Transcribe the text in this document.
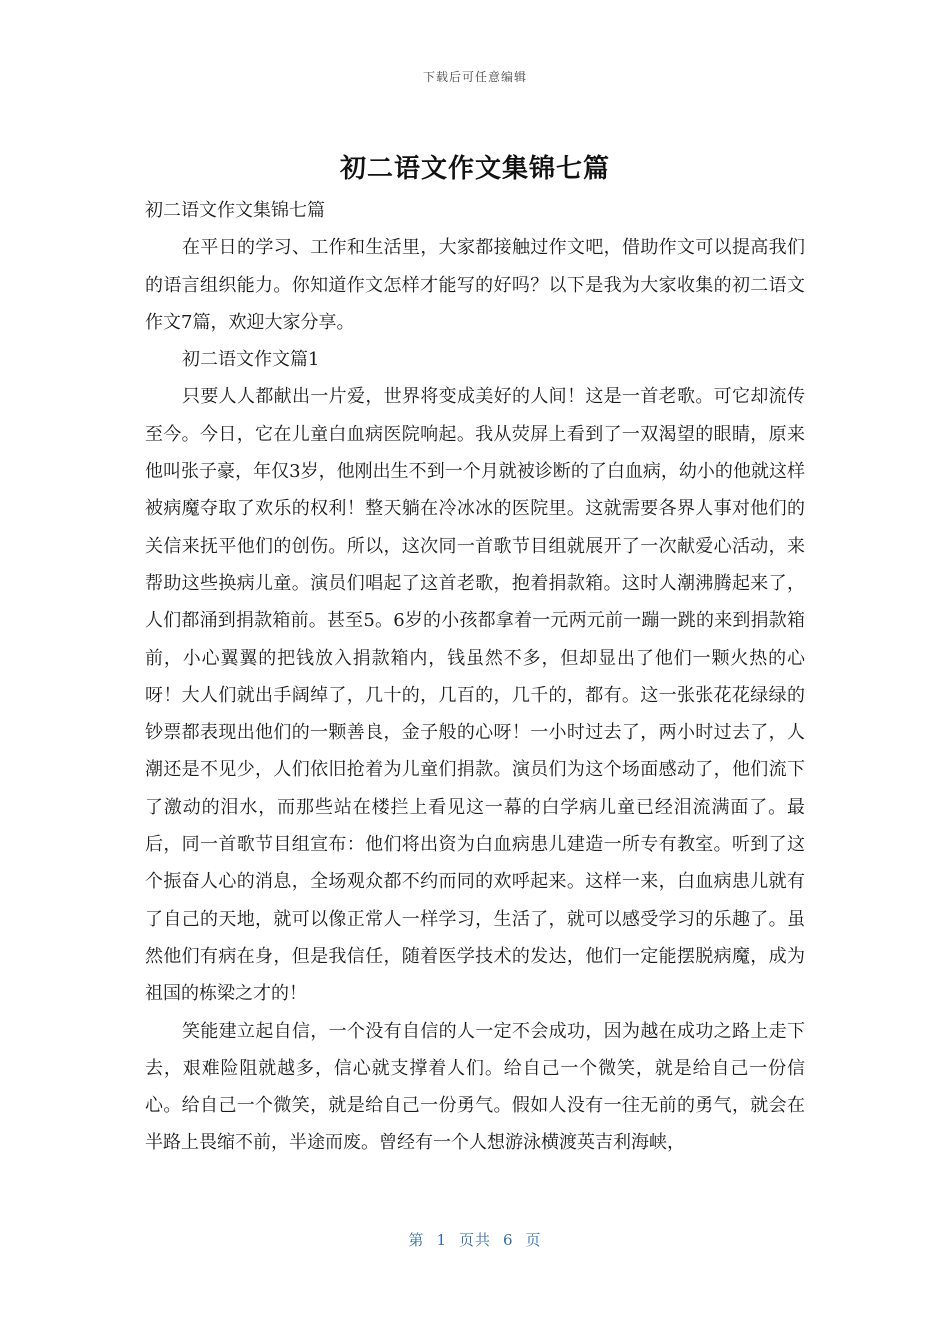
下载后可任意编辑
初二语文作文集锦七篇

初二语文作文集锦七篇

在平日的学习、工作和生活里，大家都接触过作文吧，借助作文可以提高我们的语言组织能力。你知道作文怎样才能写的好吗？以下是我为大家收集的初二语文作文7篇，欢迎大家分享。

初二语文作文篇1

只要人人都献出一片爱，世界将变成美好的人间！这是一首老歌。可它却流传至今。今日，它在儿童白血病医院响起。我从荧屏上看到了一双渴望的眼睛，原来他叫张子豪，年仅3岁，他刚出生不到一个月就被诊断的了白血病，幼小的他就这样被病魔夺取了欢乐的权利！整天躺在冷冰冰的医院里。这就需要各界人事对他们的关信来抚平他们的创伤。所以，这次同一首歌节目组就展开了一次献爱心活动，来帮助这些换病儿童。演员们唱起了这首老歌，抱着捐款箱。这时人潮沸腾起来了，人们都涌到捐款箱前。甚至5。6岁的小孩都拿着一元两元前一蹦一跳的来到捐款箱前，小心翼翼的把钱放入捐款箱内，钱虽然不多，但却显出了他们一颗火热的心呀！大人们就出手阔绰了，几十的，几百的，几千的，都有。这一张张花花绿绿的钞票都表现出他们的一颗善良，金子般的心呀！一小时过去了，两小时过去了，人潮还是不见少，人们依旧抢着为儿童们捐款。演员们为这个场面感动了，他们流下了激动的泪水，而那些站在楼拦上看见这一幕的白学病儿童已经泪流满面了。最后，同一首歌节目组宣布：他们将出资为白血病患儿建造一所专有教室。听到了这个振奋人心的消息，全场观众都不约而同的欢呼起来。这样一来，白血病患儿就有了自己的天地，就可以像正常人一样学习，生活了，就可以感受学习的乐趣了。虽然他们有病在身，但是我信任，随着医学技术的发达，他们一定能摆脱病魔，成为祖国的栋梁之才的！

笑能建立起自信，一个没有自信的人一定不会成功，因为越在成功之路上走下去，艰难险阻就越多，信心就支撑着人们。给自己一个微笑，就是给自己一份信心。给自己一个微笑，就是给自己一份勇气。假如人没有一往无前的勇气，就会在半路上畏缩不前，半途而废。曾经有一个人想游泳横渡英吉利海峡，

第 1 页共 6 页
